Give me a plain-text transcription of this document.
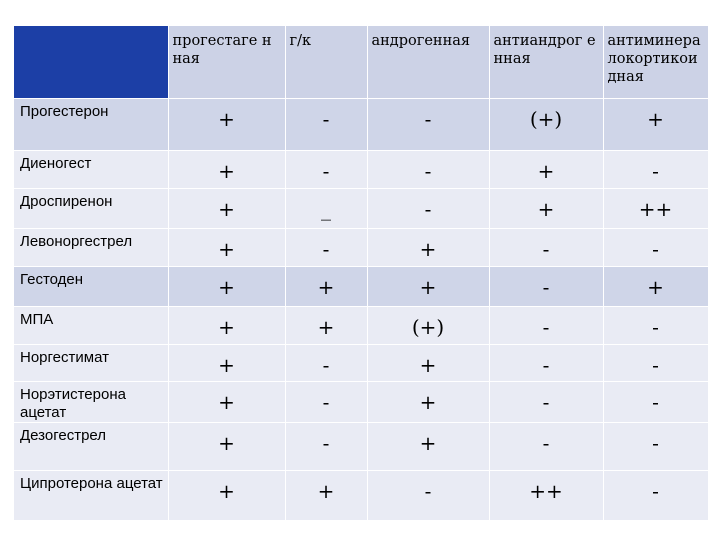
	прогестаге нная	г/к	андрогенная	антиандрог енная	антиминера локортикои дная
Прогестерон	+	-	-	(+)	+
Диеногест	+	-	-	+	-
Дроспиренон	+	_	-	+	++
Левоноргестрел	+	-	+	-	-
Гестоден	+	+	+	-	+
МПА	+	+	(+)	-	-
Норгестимат	+	-	+	-	-
Норэтистерона ацетат	+	-	+	-	-
Дезогестрел	+	-	+	-	-
Ципротерона ацетат	+	+	-	++	-
